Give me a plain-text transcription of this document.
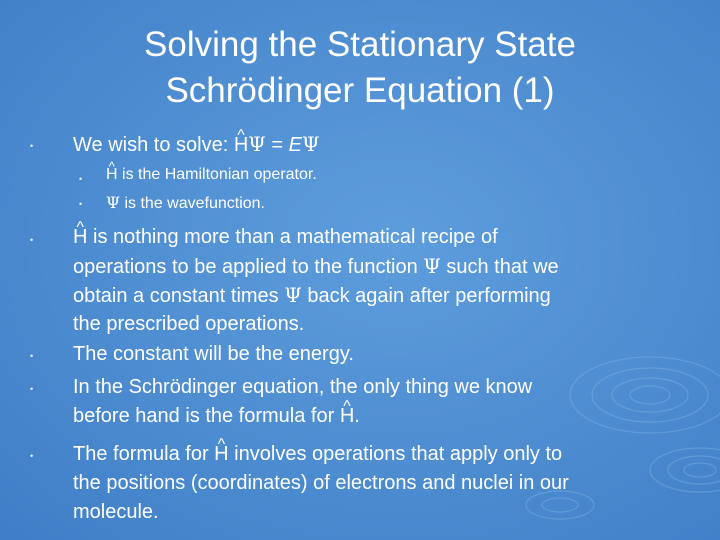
Solving the Stationary State
Schrödinger Equation (1)
• We wish to solve: ^ HΨ = EΨ
• ^ H is the Hamiltonian operator.
• Ψ is the wavefunction.
• ^ H is nothing more than a mathematical recipe of
operations to be applied to the function Ψ such that we
obtain a constant times Ψ back again after performing
the prescribed operations.
• The constant will be the energy.
• In the Schrödinger equation, the only thing we know
before hand is the formula for ^ H.
• The formula for ^ H involves operations that apply only to
the positions (coordinates) of electrons and nuclei in our
molecule.
